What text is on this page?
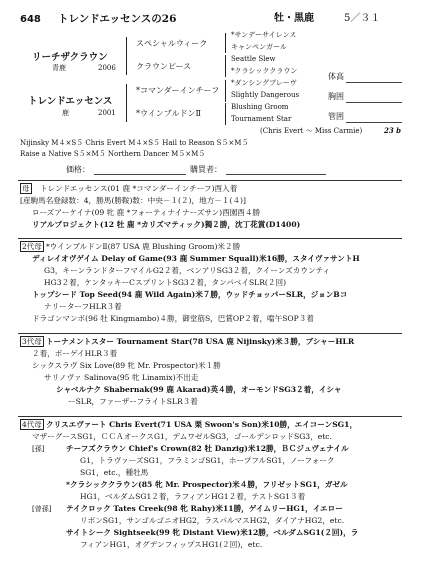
648 トレンドエッセンスの26	牡・黒鹿	5／３１
リーチザクラウン
青鹿	2006
スペシャルウィーク
*サンデーサイレンス
キャンペンガール
クラウンピース
Seattle Slew
*クラシッククラウン
トレンドエッセンス
鹿	2001
*コマンダーインチーフ
*ダンシングブレーヴ
Slightly Dangerous
*ウインブルドンⅡ
Blushing Groom
Tournament Star
体高
胸囲
管囲
(Chris Evert ～ Miss Carmie)	23 b
Nijinsky M４×S５ Chris Evert M４×S５ Hail to Reason S５×M５
Raise a Native S５×M５ Northern Dancer M５×M５
価格：	購買者：
母 トレンドエッセンス(01 鹿 *コマンダーインチーフ)酉入着

[産駒馬名登録数：4，勝馬(勝鞍)数：中央－１(２)，地方－１(４)]

ローズアーケイナ(09 牝 鹿 *フォーティナイナーズサン)酉園酉４勝

リアルプロジェクト(12 牡 鹿 *カリズマティック)獨２勝，沈丁花賞(D1400)

2代母 *ウインブルドンⅡ(87 USA 鹿 Blushing Groom)米２勝

ディレイオヴゲイム Delay of Game(93 鹿 Summer Squall)米16勝，スタイヴァサントH

G3，キーンランドターフマイルG2２着，ベンアリSG3２着，クイーンズカウンティ

HG3２着，ケンタッキーCスプリントSG3２着，タンパベイSLR(２回)

トップシード Top Seed(94 鹿 Wild Again)米７勝，ウッドチョッパーSLR，ジョンBコ

ナリーターフHLR３着

ドラゴンマンボ(96 牡 Kingmambo)４勝，御堂筋S，巴賞OP２着，噹午SOP３着

3代母 トーナメントスター Tournament Star(78 USA 鹿 Nijinsky)米３勝，ブシャーHLR

２着，ボーゲイHLR３着

シックスラヴ Six Love(89 牝 Mr. Prospector)米１勝

サリノヴァ Salinova(95 牝 Linamix)不出走

シャベルナク Shabernak(99 鹿 Akarad)英４勝，オーモンドSG3２着，イシャ

ーSLR，ファーザーフライトSLR３着

4代母 クリスエヴァート Chris Evert(71 USA 栗 Swoon's Son)米10勝，エイコーンSG1，

マザーグースSG1，ＣＣＡオークスG1，デムワゼルSG3，ゴールデンロッドSG3，etc.

[孫]	チーフズクラウン Chief's Crown(82 牡 Danzig)米12勝，ＢＣジュヴェナイル

G1，トラヴァーズSG1，フラミンゴSG1，ホープフルSG1，ノーフォーク

SG1，etc.，種牡馬

*クラシッククラウン(85 牝 Mr. Prospector)米４勝，フリゼットSG1，ガゼル

HG1，ベルダムSG1２着，ラフィアンHG1２着，テストSG1３着

[曾孫] テイクロック Tates Creek(98 牝 Rahy)米11勝，ゲイムリーHG1，イエロー

リボンSG1，サンゴルゴニオHG2，ラスパルマスHG2，ダイアナHG2，etc.

サイトシーク Sightseek(99 牝 Distant View)米12勝，ベルダムSG1(２回)，ラ

フィアンHG1，オグデンフィップスHG1(２回)，etc.
